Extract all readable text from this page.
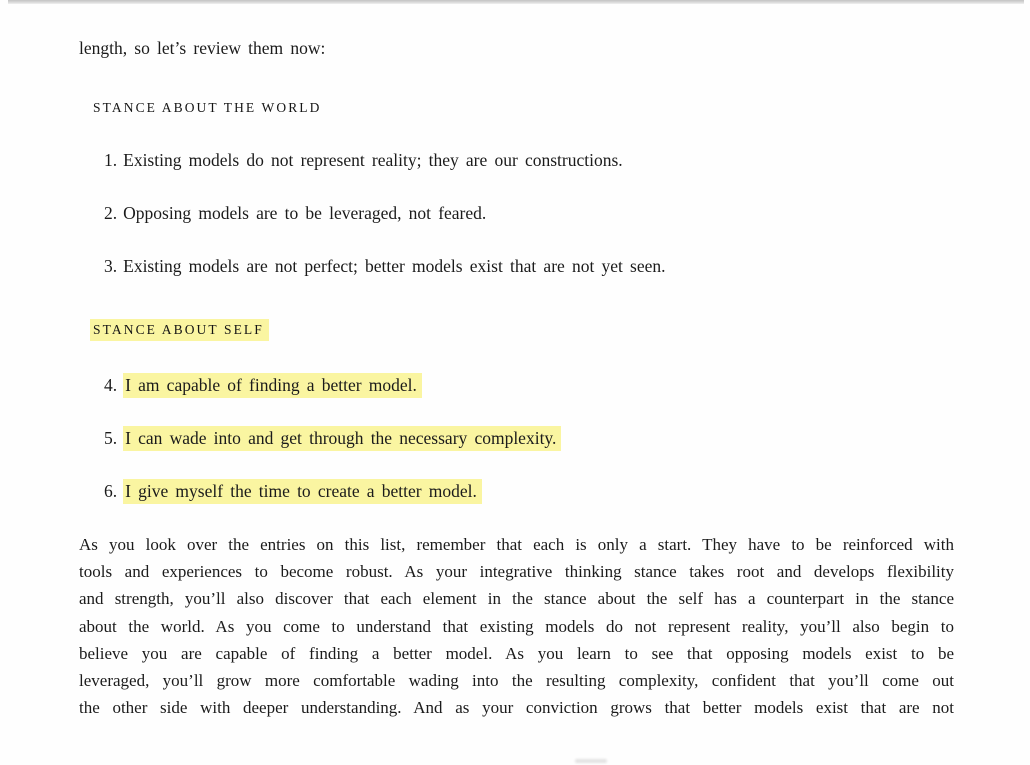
length, so let’s review them now:
STANCE ABOUT THE WORLD
1. Existing models do not represent reality; they are our constructions.
2. Opposing models are to be leveraged, not feared.
3. Existing models are not perfect; better models exist that are not yet seen.
STANCE ABOUT SELF
4. I am capable of finding a better model.
5. I can wade into and get through the necessary complexity.
6. I give myself the time to create a better model.
As you look over the entries on this list, remember that each is only a start. They have to be reinforced with
tools and experiences to become robust. As your integrative thinking stance takes root and develops flexibility
and strength, you’ll also discover that each element in the stance about the self has a counterpart in the stance
about the world. As you come to understand that existing models do not represent reality, you’ll also begin to
believe you are capable of finding a better model. As you learn to see that opposing models exist to be
leveraged, you’ll grow more comfortable wading into the resulting complexity, confident that you’ll come out
the other side with deeper understanding. And as your conviction grows that better models exist that are not
